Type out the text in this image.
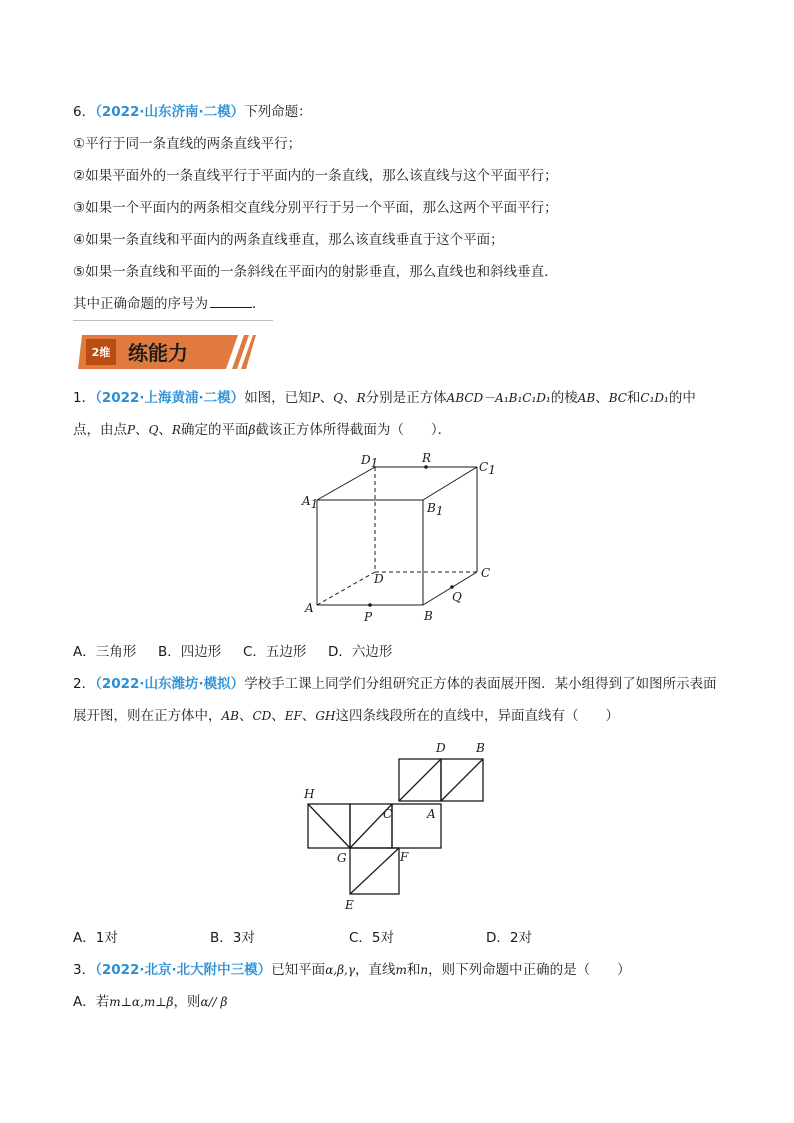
6．（2022·山东济南·二模）下列命题：
①平行于同一条直线的两条直线平行；
②如果平面外的一条直线平行于平面内的一条直线，那么该直线与这个平面平行；
③如果一个平面内的两条相交直线分别平行于另一个平面，那么这两个平面平行；
④如果一条直线和平面内的两条直线垂直，那么该直线垂直于这个平面；
⑤如果一条直线和平面的一条斜线在平面内的射影垂直，那么直线也和斜线垂直．
其中正确命题的序号为	．
2维 练能力
1．（2022·上海黄浦·二模）如图，已知P、Q、R分别是正方体ABCD－A₁B₁C₁D₁的棱AB、BC和C₁D₁的中
点，由点P、Q、R确定的平面β截该正方体所得截面为（　　）．
D1	R
C1
A1	B1
D	C
Q
A
P	B
A．三角形 B．四边形 C．五边形 D．六边形
2．（2022·山东潍坊·模拟）学校手工课上同学们分组研究正方体的表面展开图．某小组得到了如图所示表面
展开图，则在正方体中，AB、CD、EF、GH这四条线段所在的直线中，异面直线有（　　）
D	B
H
C	A
G	F
E
A．1对	B．3对	C．5对	D．2对
3．（2022·北京·北大附中三模）已知平面α,β,γ，直线m和n，则下列命题中正确的是（　　）
A．若m⊥α,m⊥β，则α// β
